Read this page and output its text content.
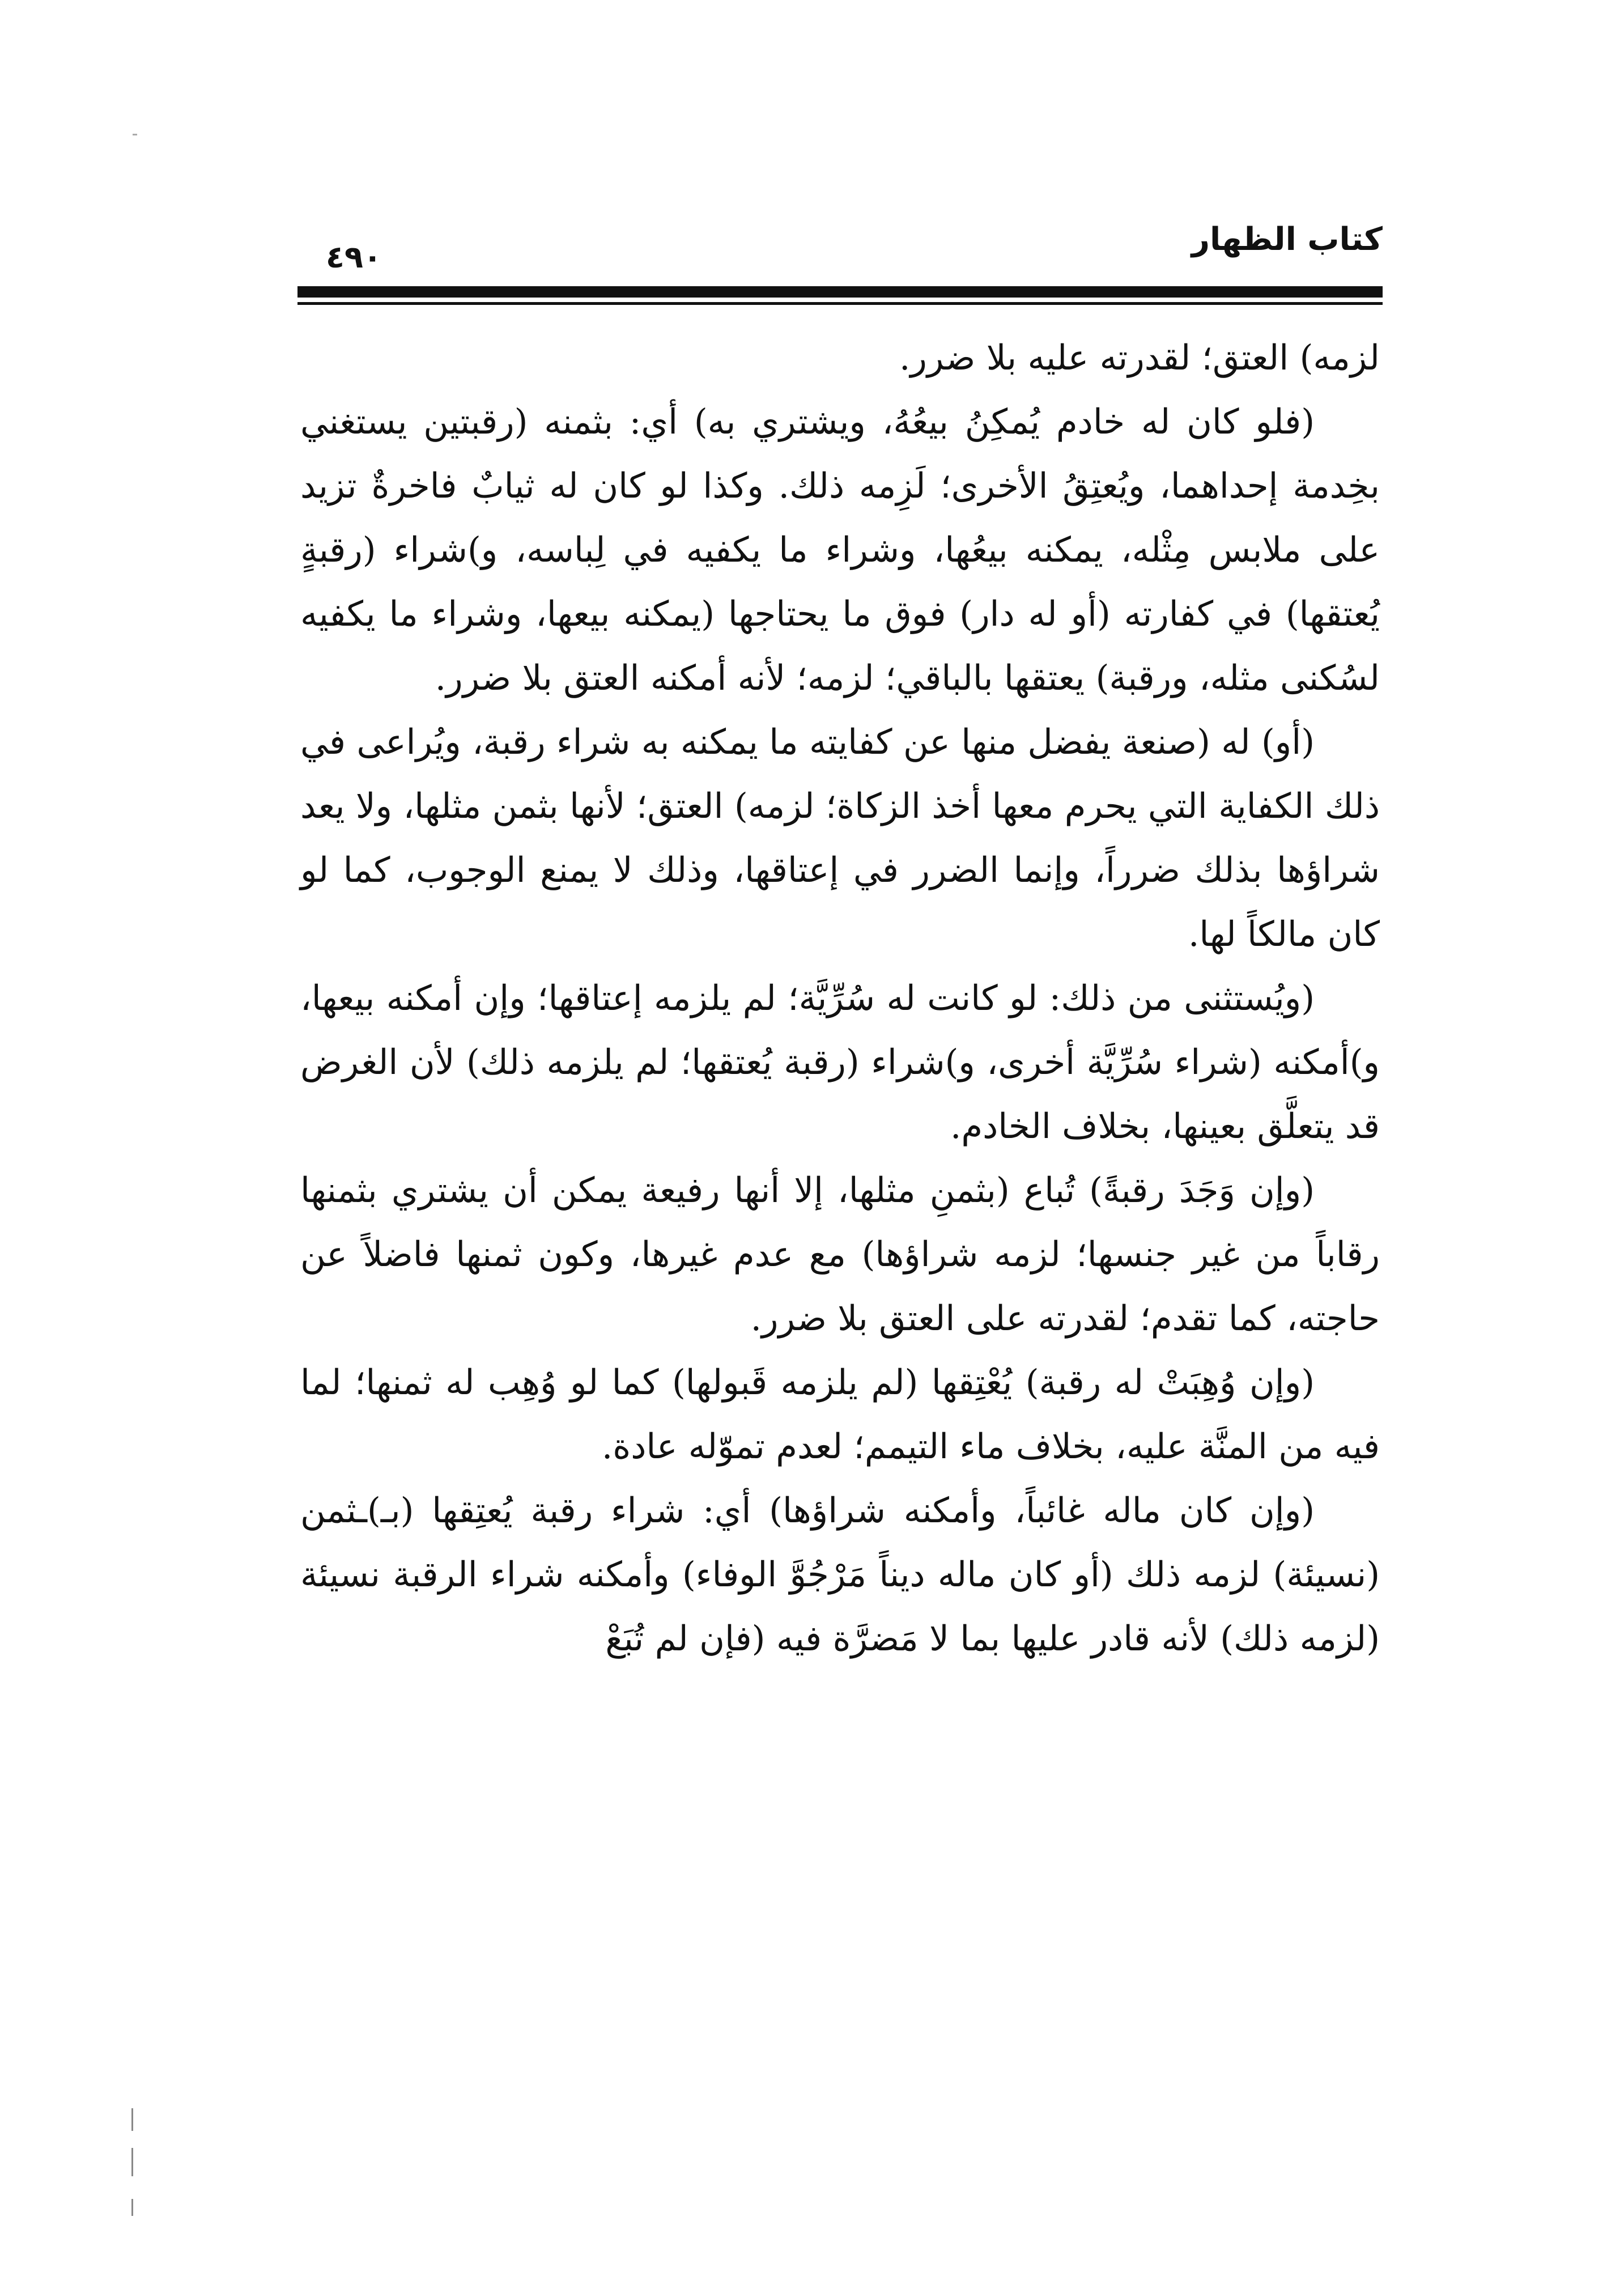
كتاب الظهار
٤٩٠

لزمه) العتق؛ لقدرته عليه بلا ضرر.

(فلو كان له خادم يُمكِنُ بيعُهُ، ويشتري به) أي: بثمنه (رقبتين يستغني بخِدمة إحداهما، ويُعتِقُ الأخرى؛ لَزِمه ذلك. وكذا لو كان له ثيابٌ فاخرةٌ تزيد على ملابس مِثْله، يمكنه بيعُها، وشراء ما يكفيه في لِباسه، و)شراء (رقبةٍ يُعتقها) في كفارته (أو له دار) فوق ما يحتاجها (يمكنه بيعها، وشراء ما يكفيه لسُكنى مثله، ورقبة) يعتقها بالباقي؛ لزمه؛ لأنه أمكنه العتق بلا ضرر.

(أو) له (صنعة يفضل منها عن كفايته ما يمكنه به شراء رقبة، ويُراعى في ذلك الكفاية التي يحرم معها أخذ الزكاة؛ لزمه) العتق؛ لأنها بثمن مثلها، ولا يعد شراؤها بذلك ضرراً، وإنما الضرر في إعتاقها، وذلك لا يمنع الوجوب، كما لو كان مالكاً لها.

(ويُستثنى من ذلك: لو كانت له سُرِّيَّة؛ لم يلزمه إعتاقها؛ وإن أمكنه بيعها، و)أمكنه (شراء سُرِّيَّة أخرى، و)شراء (رقبة يُعتقها؛ لم يلزمه ذلك) لأن الغرض قد يتعلَّق بعينها، بخلاف الخادم.

(وإن وَجَدَ رقبةً) تُباع (بثمنِ مثلها، إلا أنها رفيعة يمكن أن يشتري بثمنها رقاباً من غير جنسها؛ لزمه شراؤها) مع عدم غيرها، وكون ثمنها فاضلاً عن حاجته، كما تقدم؛ لقدرته على العتق بلا ضرر.

(وإن وُهِبَتْ له رقبة) يُعْتِقها (لم يلزمه قَبولها) كما لو وُهِب له ثمنها؛ لما فيه من المنَّة عليه، بخلاف ماء التيمم؛ لعدم تموّله عادة.

(وإن كان ماله غائباً، وأمكنه شراؤها) أي: شراء رقبة يُعتِقها (بـ)ـثمن (نسيئة) لزمه ذلك (أو كان ماله ديناً مَرْجُوَّ الوفاء) وأمكنه شراء الرقبة نسيئة (لزمه ذلك) لأنه قادر عليها بما لا مَضرَّة فيه (فإن لم تُبَعْ
